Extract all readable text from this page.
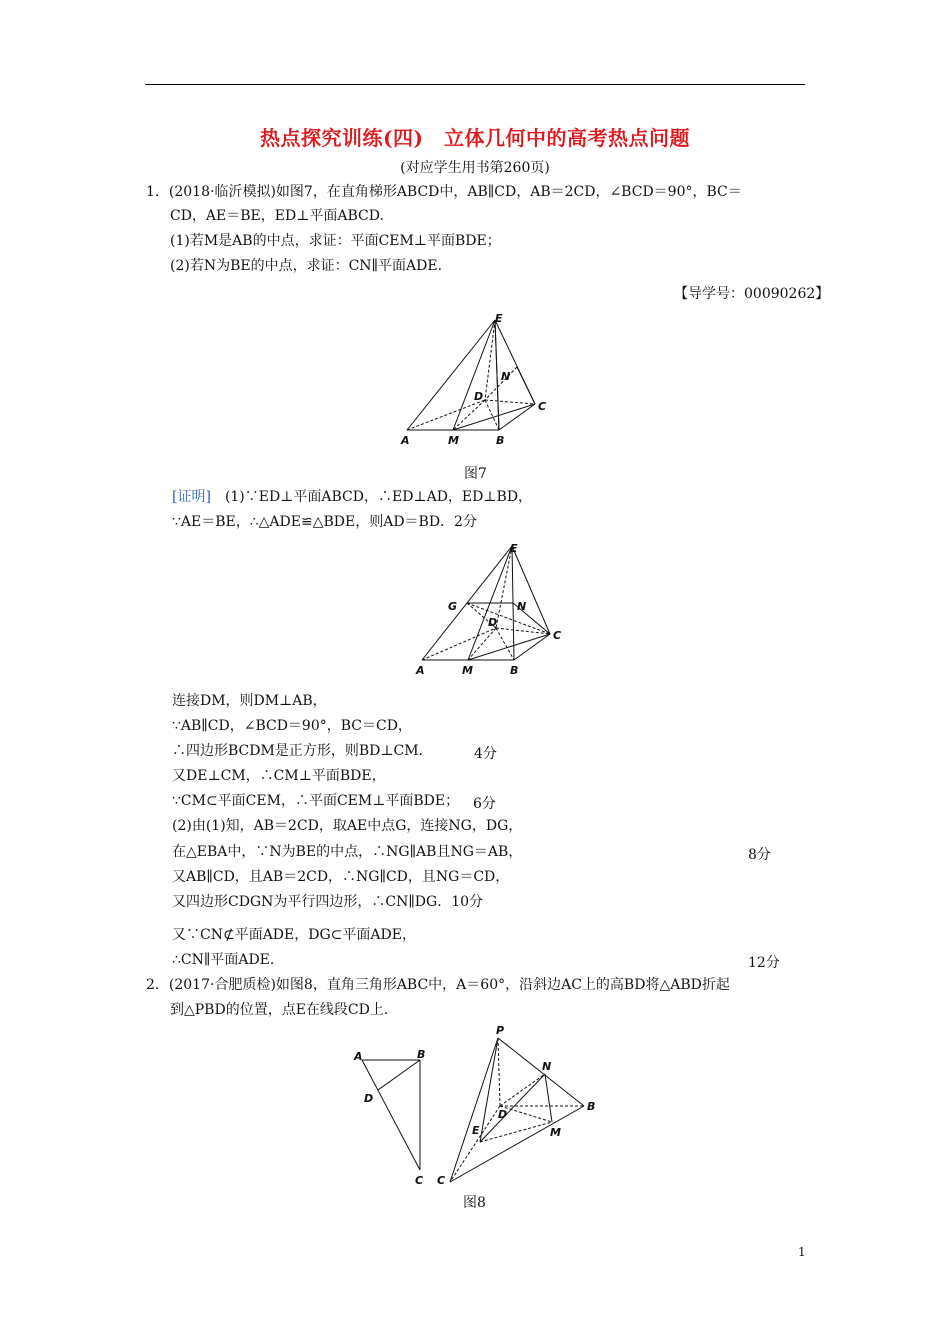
热点探究训练(四)　立体几何中的高考热点问题
(对应学生用书第260页)
1．(2018·临沂模拟)如图7，在直角梯形ABCD中，AB∥CD，AB＝2CD，∠BCD＝90°，BC＝
CD，AE＝BE，ED⊥平面ABCD.
(1)若M是AB的中点，求证：平面CEM⊥平面BDE；
(2)若N为BE的中点，求证：CN∥平面ADE.
【导学号：00090262】
E
N
D
C
A	M	B
图7
[证明]　 (1)∵ED⊥平面ABCD，∴ED⊥AD，ED⊥BD，
∵AE＝BE，∴△ADE≌△BDE，则AD＝BD．2分
E
G	N
D
C
A	M	B
连接DM，则DM⊥AB，
∵AB∥CD，∠BCD＝90°，BC＝CD，
∴四边形BCDM是正方形，则BD⊥CM．	4分
又DE⊥CM，∴CM⊥平面BDE，
∵CM⊂平面CEM，∴平面CEM⊥平面BDE； 6分
(2)由(1)知，AB＝2CD，取AE中点G，连接NG，DG，
在△EBA中，∵N为BE的中点，∴NG∥AB且NG＝AB，	8分
又AB∥CD，且AB＝2CD，∴NG∥CD，且NG＝CD，
又四边形CDGN为平行四边形，∴CN∥DG．10分
又∵CN⊄平面ADE，DG⊂平面ADE，
∴CN∥平面ADE.	12分
2．(2017·合肥质检)如图8，直角三角形ABC中，A＝60°，沿斜边AC上的高BD将△ABD折起
到△PBD的位置，点E在线段CD上.
A	B
D
C
P
N
D
B
E	M
C
图8
1
